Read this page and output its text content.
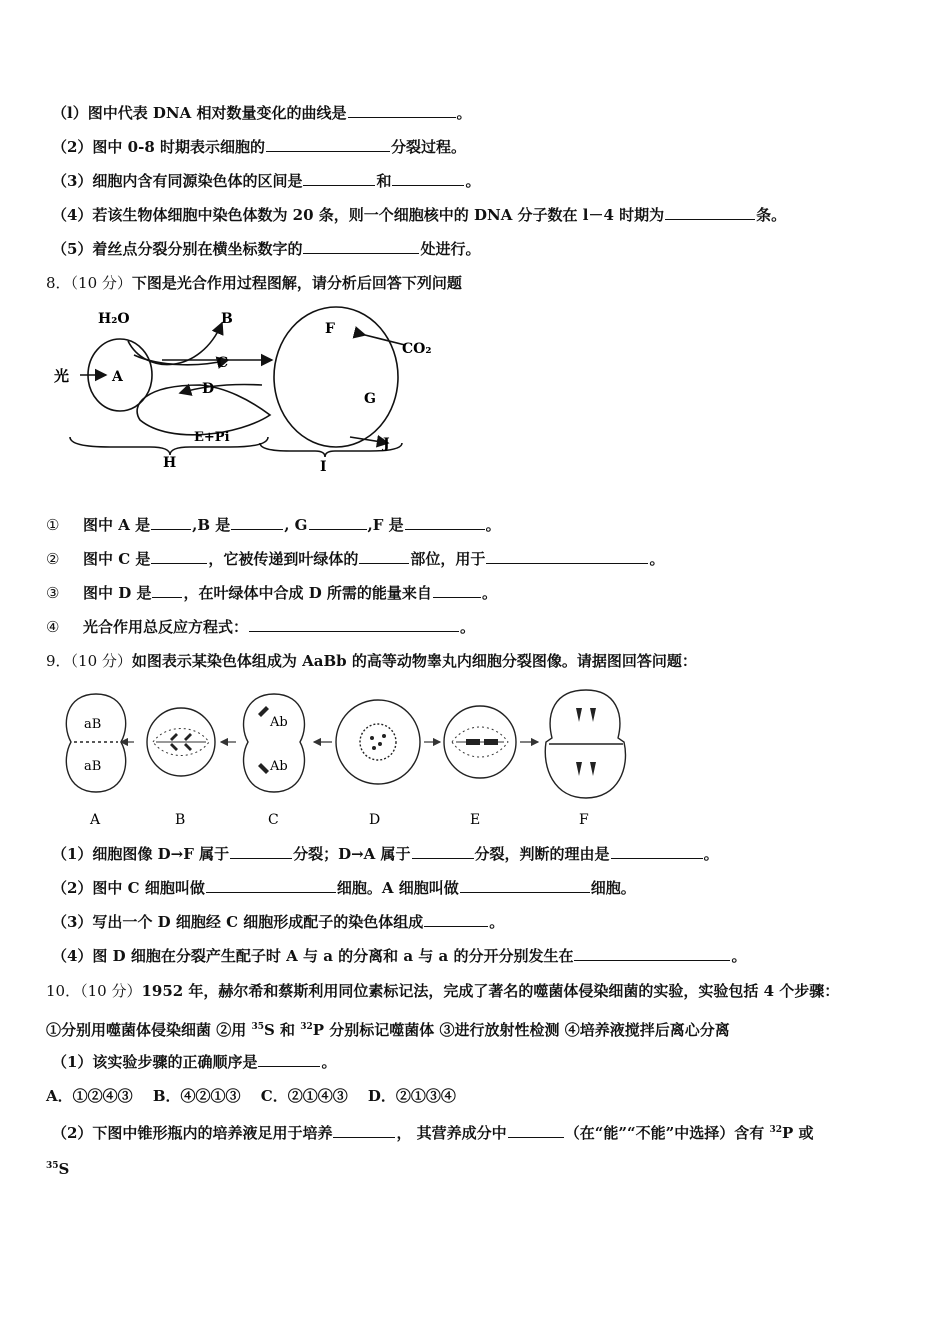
（l）图中代表 DNA 相对数量变化的曲线是	。
（2）图中 0-8 时期表示细胞的	分裂过程。
（3）细胞内含有同源染色体的区间是	和	。
（4）若该生物体细胞中染色体数为 20 条，则一个细胞核中的 DNA 分子数在 l－4 时期为	条。
（5）着丝点分裂分别在横坐标数字的	处进行。
8．（10 分）下图是光合作用过程图解，请分析后回答下列问题
H₂O	B
C
光	A
D
E+Pi
H
F
CO₂
G
J
I
①　 图中 A 是	,B 是	, G	,F 是	。
②　 图中 C 是	，它被传递到叶绿体的	部位，用于	。
③　 图中 D 是 ，在叶绿体中合成 D 所需的能量来自	。
④　 光合作用总反应方程式：	。
9．（10 分）如图表示某染色体组成为 AaBb 的高等动物睾丸内细胞分裂图像。请据图回答问题：
aB
aB
Ab
Ab
A	B	C	D	E	F
（1）细胞图像 D→F 属于	分裂；D→A 属于	分裂，判断的理由是	。
（2）图中 C 细胞叫做	细胞。A 细胞叫做	细胞。
（3）写出一个 D 细胞经 C 细胞形成配子的染色体组成	。
（4）图 D 细胞在分裂产生配子时 A 与 a 的分离和 a 与 a 的分开分别发生在	。
10．（10 分）1952 年，赫尔希和蔡斯利用同位素标记法，完成了著名的噬菌体侵染细菌的实验，实验包括 4 个步骤：
①分别用噬菌体侵染细菌 ②用 $^{35}$S 和 $^{32}$P 分别标记噬菌体 ③进行放射性检测 ④培养液搅拌后离心分离
（1）该实验步骤的正确顺序是	。
A．①②④③　 B．④②①③　 C．②①④③　 D．②①③④
（2）下图中锥形瓶内的培养液足用于培养	， 其营养成分中	（在“能”“不能”中选择）含有 $^{32}$P 或
$^{35}$S
